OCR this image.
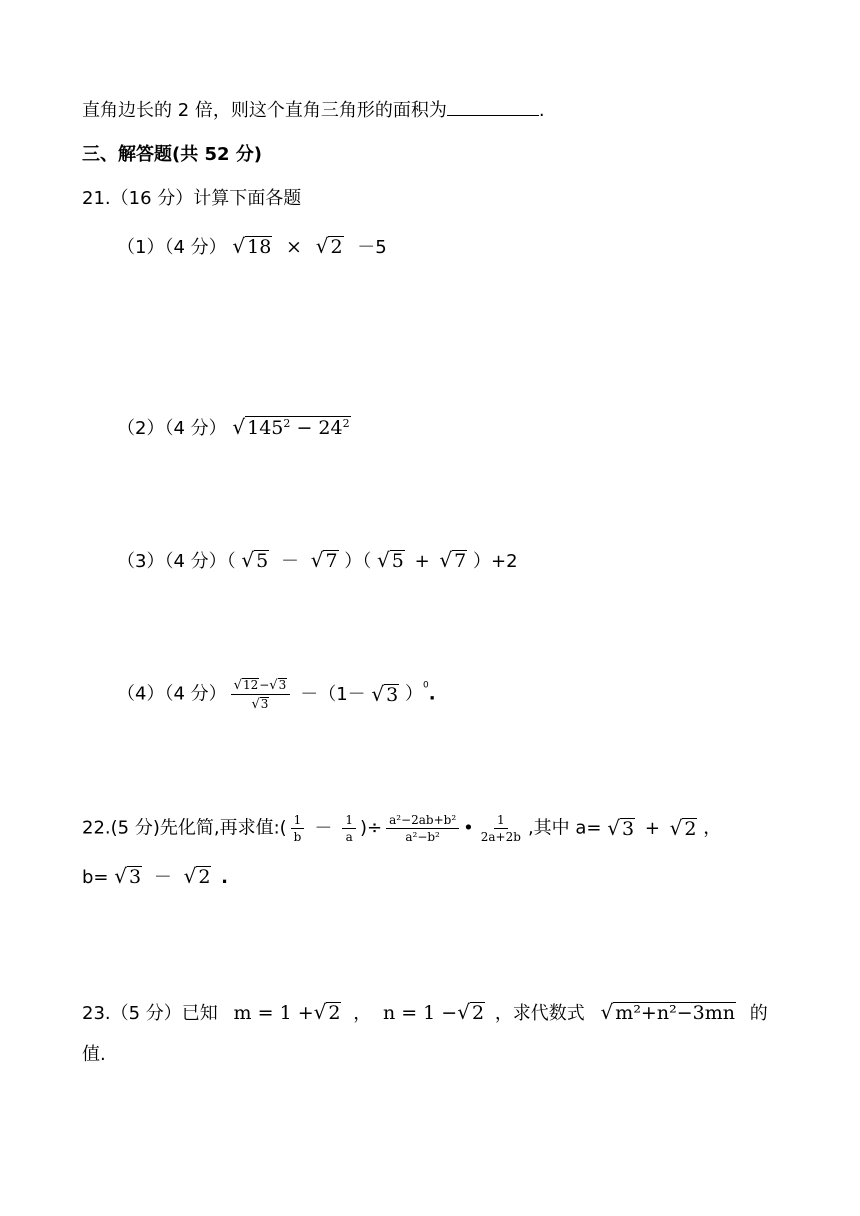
直角边长的 2 倍，则这个直角三角形的面积为	.
三、解答题(共 52 分)
21.（16 分）计算下面各题
（1）（4 分） √ 18 × √ 2 －5
（2）（4 分） √ $145^2 - 24^2$
（3）（4 分）（ √ 5 － √ 7 ）（ √ 5 + √ 7 ）+2
（4）（4 分） $\frac{√12-√3}{√3} -(1-$ √ 3 ）$^0$.
22.(5 分)先化简,再求值:( $\frac{1}{b} - \frac{1}{a}$ )÷ $\frac{\text{a²−2ab+b²}}{\text{a²−b²}}$ • $\frac{1}{2a+2b}$ ,其中 a= √ 3 + √ 2 ，
b= √ 3 － √ 2 .
23.（5 分）已知 m = 1 +√ 2 ， n = 1 −√ 2 ，求代数式 √ m²+n²−3mn 的
值.
